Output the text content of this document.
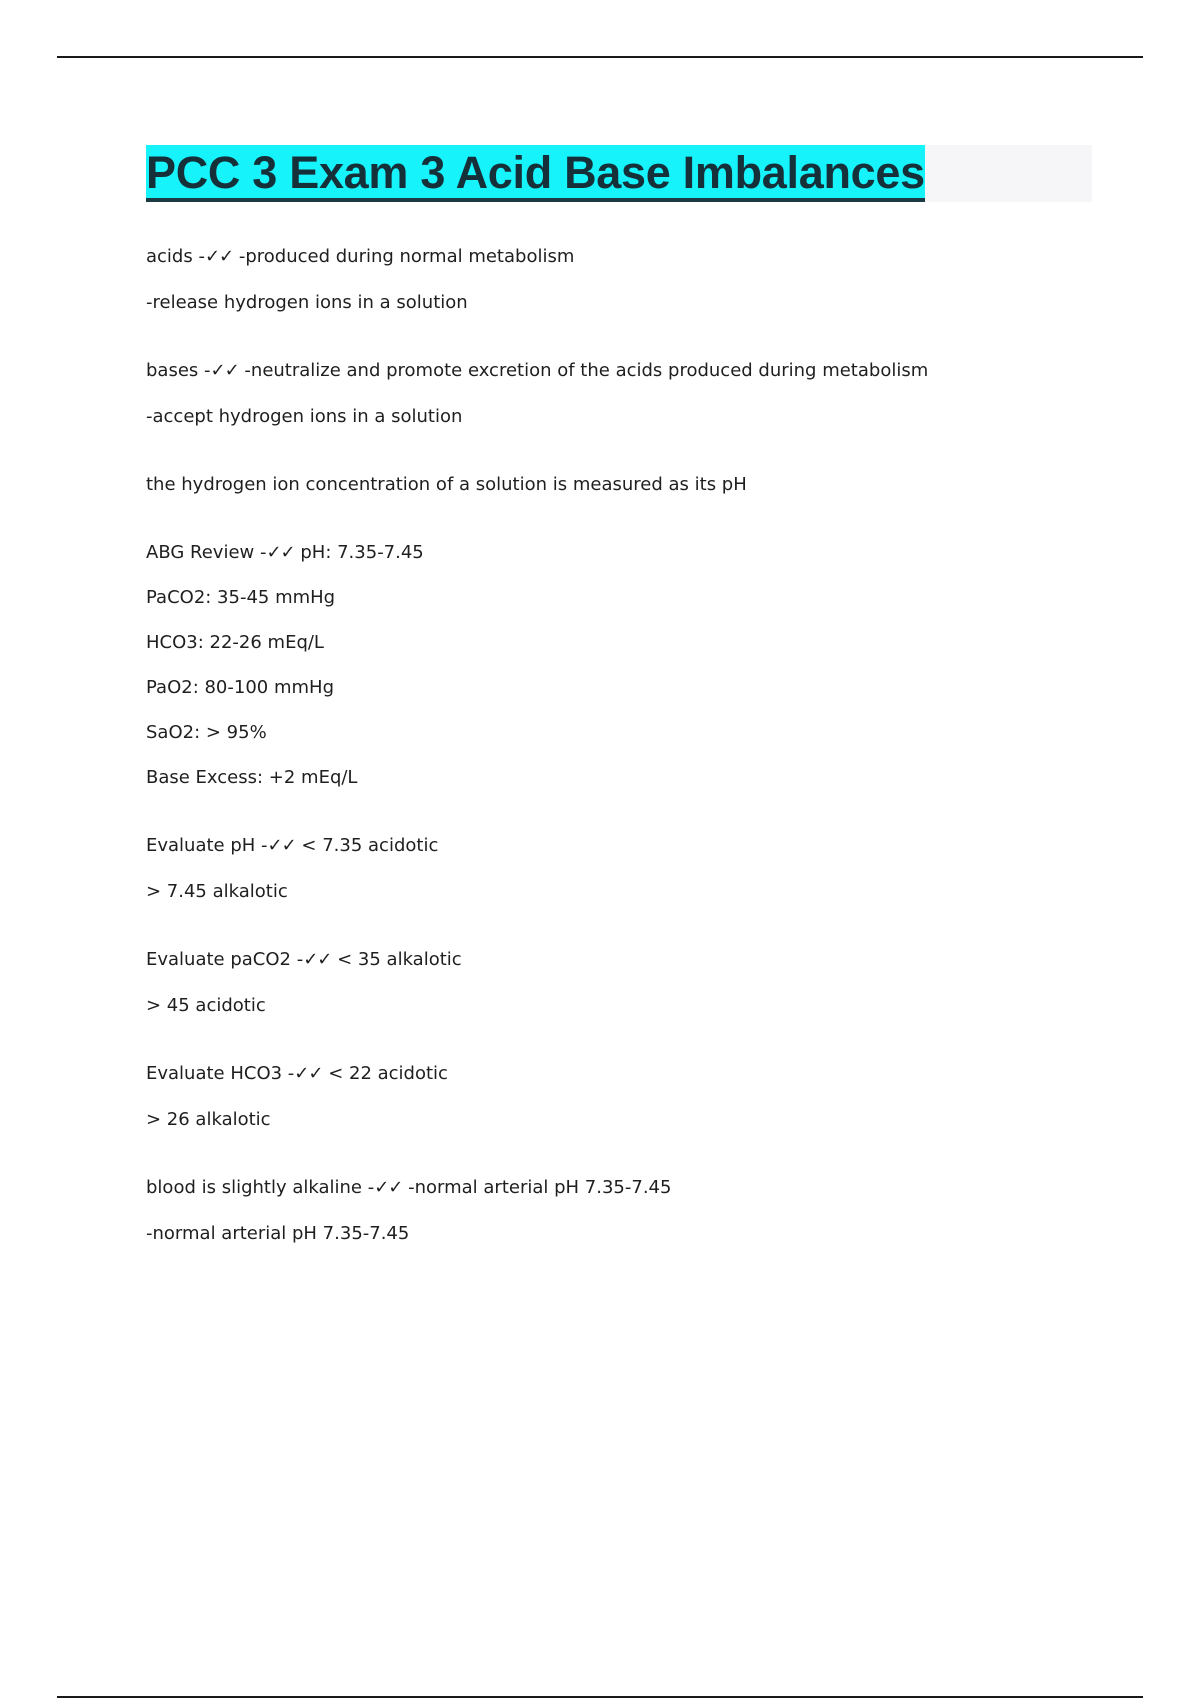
PCC 3 Exam 3 Acid Base Imbalances
acids -✓✓ -produced during normal metabolism
-release hydrogen ions in a solution
bases -✓✓ -neutralize and promote excretion of the acids produced during metabolism
-accept hydrogen ions in a solution
the hydrogen ion concentration of a solution is measured as its pH
ABG Review -✓✓ pH: 7.35-7.45
PaCO2: 35-45 mmHg
HCO3: 22-26 mEq/L
PaO2: 80-100 mmHg
SaO2: > 95%
Base Excess: +2 mEq/L
Evaluate pH -✓✓ < 7.35 acidotic
> 7.45 alkalotic
Evaluate paCO2 -✓✓ < 35 alkalotic
> 45 acidotic
Evaluate HCO3 -✓✓ < 22 acidotic
> 26 alkalotic
blood is slightly alkaline -✓✓ -normal arterial pH 7.35-7.45
-normal arterial pH 7.35-7.45
